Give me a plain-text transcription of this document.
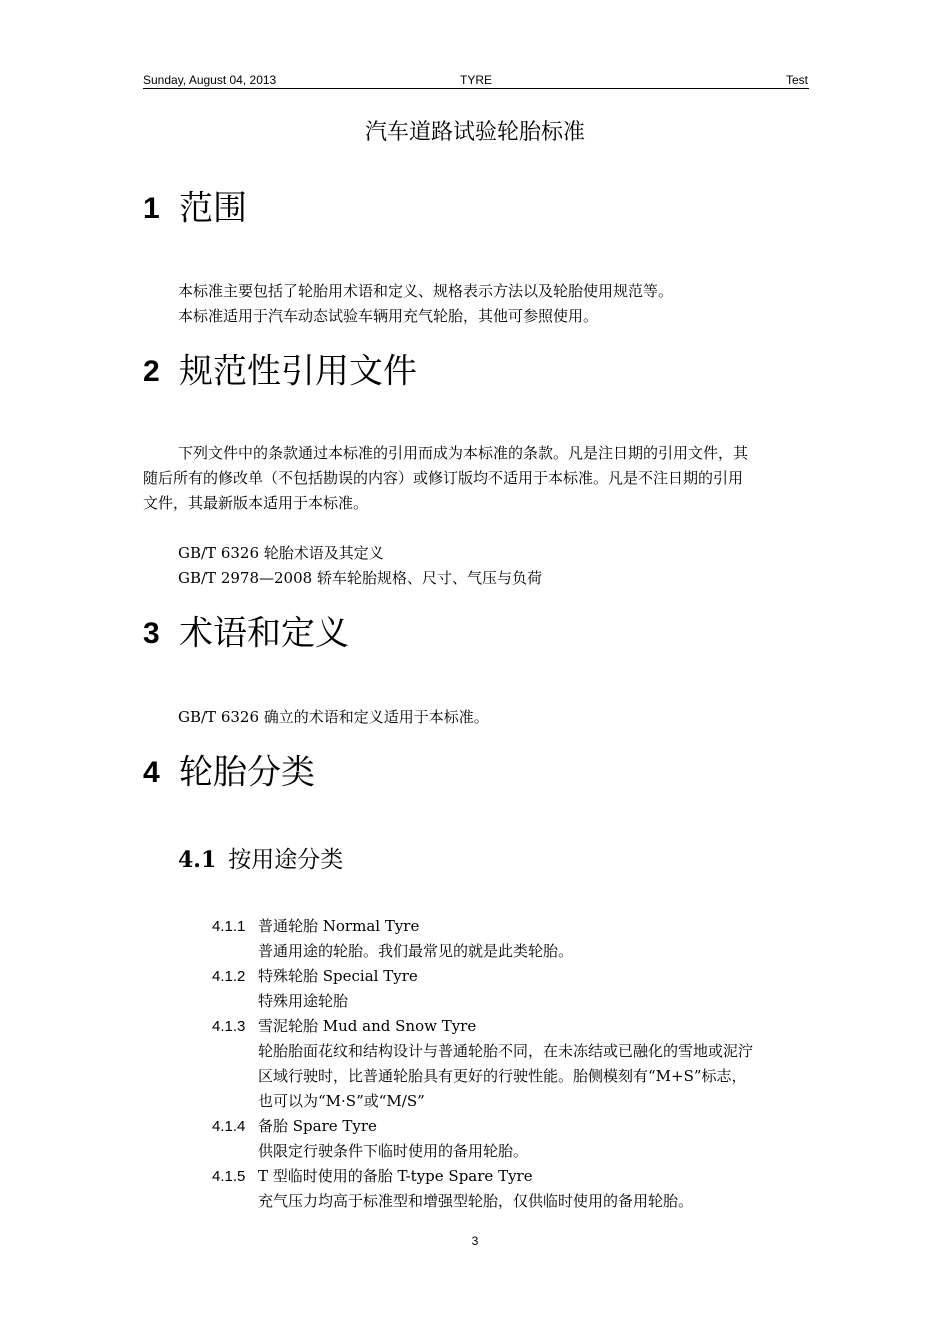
Sunday, August 04, 2013	TYRE	Test
汽车道路试验轮胎标准
1 范围
本标准主要包括了轮胎用术语和定义、规格表示方法以及轮胎使用规范等。
本标准适用于汽车动态试验车辆用充气轮胎，其他可参照使用。
2 规范性引用文件
下列文件中的条款通过本标准的引用而成为本标准的条款。凡是注日期的引用文件，其
随后所有的修改单（不包括勘误的内容）或修订版均不适用于本标准。凡是不注日期的引用
文件，其最新版本适用于本标准。
GB/T 6326 轮胎术语及其定义
GB/T 2978—2008 轿车轮胎规格、尺寸、气压与负荷
3 术语和定义
GB/T 6326 确立的术语和定义适用于本标准。
4 轮胎分类
4.1 按用途分类
4.1.1 普通轮胎 Normal Tyre
普通用途的轮胎。我们最常见的就是此类轮胎。
4.1.2 特殊轮胎 Special Tyre
特殊用途轮胎
4.1.3 雪泥轮胎 Mud and Snow Tyre
轮胎胎面花纹和结构设计与普通轮胎不同，在未冻结或已融化的雪地或泥泞
区域行驶时，比普通轮胎具有更好的行驶性能。胎侧模刻有“M+S”标志，
也可以为“M·S”或“M/S”
4.1.4 备胎 Spare Tyre
供限定行驶条件下临时使用的备用轮胎。
4.1.5 T 型临时使用的备胎 T-type Spare Tyre
充气压力均高于标准型和增强型轮胎，仅供临时使用的备用轮胎。
3
